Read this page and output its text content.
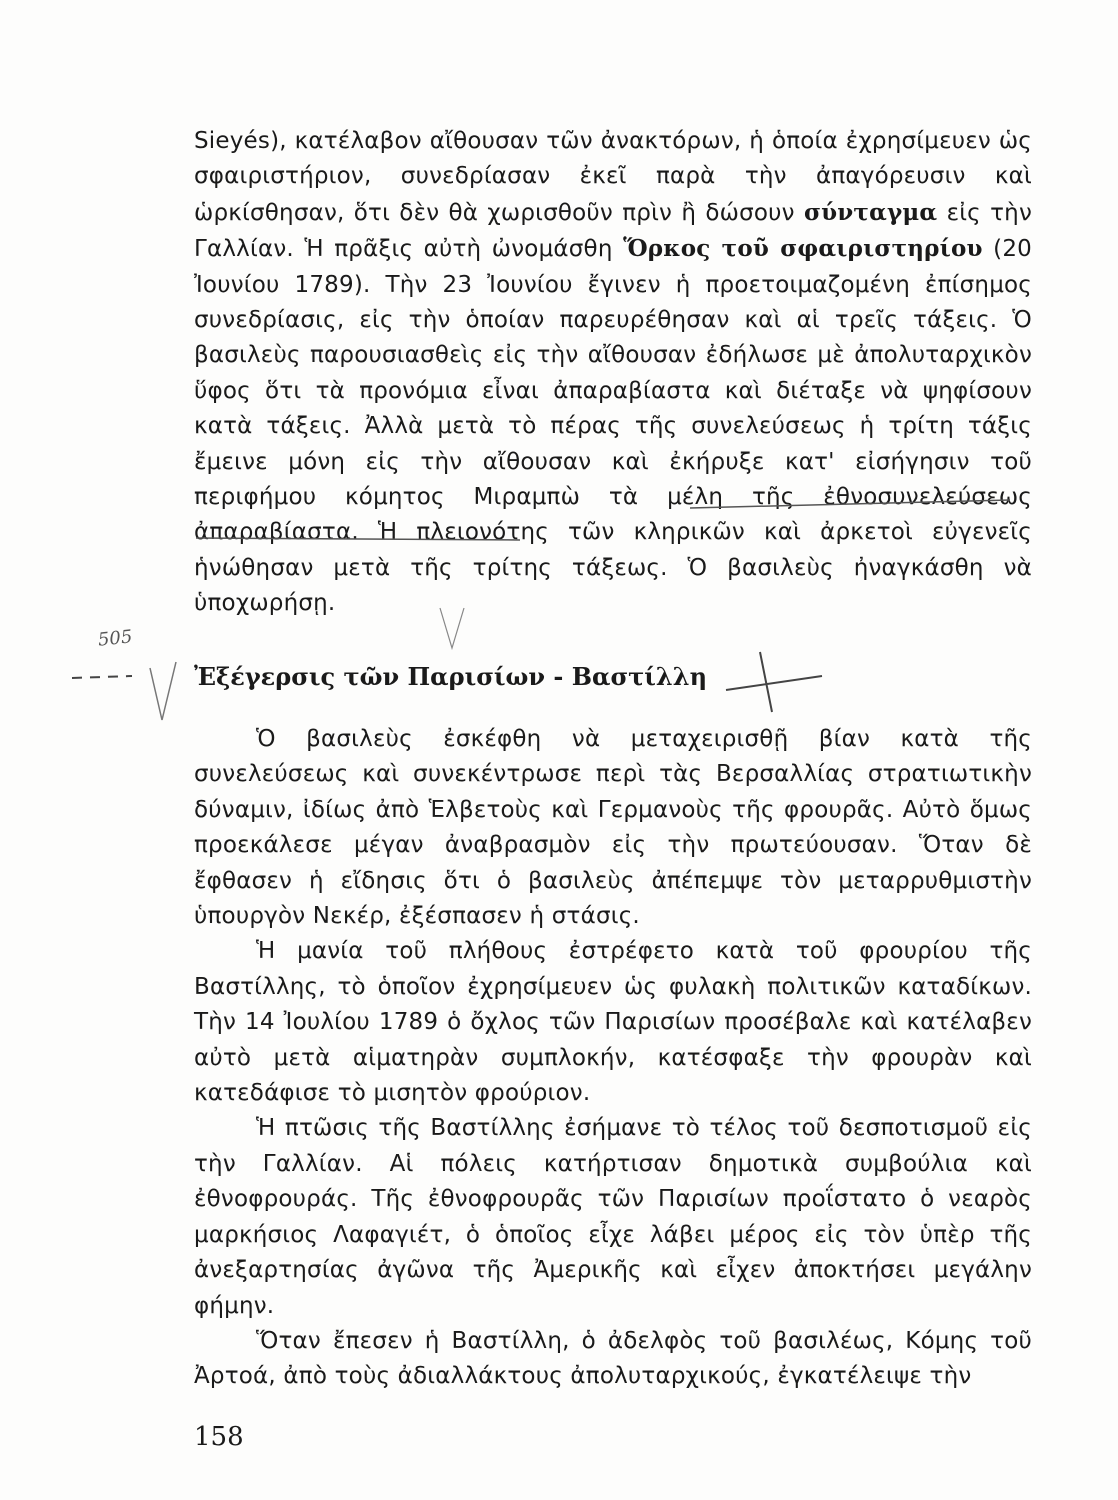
Sieyés), κατέλαβον αἴθουσαν τῶν ἀνακτόρων, ἡ ὁποία ἐχρησίμευεν ὡς σφαιριστήριον, συνεδρίασαν ἐκεῖ παρὰ τὴν ἀπαγόρευσιν καὶ ὡρκίσθησαν, ὅτι δὲν θὰ χωρισθοῦν πρὶν ἢ δώσουν σύνταγμα εἰς τὴν Γαλλίαν. Ἡ πρᾶξις αὐτὴ ὠνομάσθη Ὅρκος τοῦ σφαιριστηρίου (20 Ἰουνίου 1789). Τὴν 23 Ἰουνίου ἔγινεν ἡ προετοιμαζομένη ἐπίσημος συνεδρίασις, εἰς τὴν ὁποίαν παρευρέθησαν καὶ αἱ τρεῖς τάξεις. Ὁ βασιλεὺς παρουσιασθεὶς εἰς τὴν αἴθουσαν ἐδήλωσε μὲ ἀπολυταρχικὸν ὕφος ὅτι τὰ προνόμια εἶναι ἀπαραβίαστα καὶ διέταξε νὰ ψηφίσουν κατὰ τάξεις. Ἀλλὰ μετὰ τὸ πέρας τῆς συνελεύσεως ἡ τρίτη τάξις ἔμεινε μόνη εἰς τὴν αἴθουσαν καὶ ἐκήρυξε κατ' εἰσήγησιν τοῦ περιφήμου κόμητος Μιραμπὼ τὰ μέλη τῆς ἐθνοσυνελεύσεως ἀπαραβίαστα. Ἡ πλειονότης τῶν κληρικῶν καὶ ἀρκετοὶ εὐγενεῖς ἡνώθησαν μετὰ τῆς τρίτης τάξεως. Ὁ βασιλεὺς ἠναγκάσθη νὰ ὑποχωρήσῃ.
505
Ἐξέγερσις τῶν Παρισίων - Βαστίλλη

Ὁ βασιλεὺς ἐσκέφθη νὰ μεταχειρισθῇ βίαν κατὰ τῆς συνελεύσεως καὶ συνεκέντρωσε περὶ τὰς Βερσαλλίας στρατιωτικὴν δύναμιν, ἰδίως ἀπὸ Ἑλβετοὺς καὶ Γερμανοὺς τῆς φρουρᾶς. Αὐτὸ ὅμως προεκάλεσε μέγαν ἀναβρασμὸν εἰς τὴν πρωτεύουσαν. Ὅταν δὲ ἔφθασεν ἡ εἴδησις ὅτι ὁ βασιλεὺς ἀπέπεμψε τὸν μεταρρυθμιστὴν ὑπουργὸν Νεκέρ, ἐξέσπασεν ἡ στάσις.

Ἡ μανία τοῦ πλήθους ἐστρέφετο κατὰ τοῦ φρουρίου τῆς Βαστίλλης, τὸ ὁποῖον ἐχρησίμευεν ὡς φυλακὴ πολιτικῶν καταδίκων. Τὴν 14 Ἰουλίου 1789 ὁ ὄχλος τῶν Παρισίων προσέβαλε καὶ κατέλαβεν αὐτὸ μετὰ αἱματηρὰν συμπλοκήν, κατέσφαξε τὴν φρουρὰν καὶ κατεδάφισε τὸ μισητὸν φρούριον.

Ἡ πτῶσις τῆς Βαστίλλης ἐσήμανε τὸ τέλος τοῦ δεσποτισμοῦ εἰς τὴν Γαλλίαν. Αἱ πόλεις κατήρτισαν δημοτικὰ συμβούλια καὶ ἐθνοφρουράς. Τῆς ἐθνοφρουρᾶς τῶν Παρισίων προΐστατο ὁ νεαρὸς μαρκήσιος Λαφαγιέτ, ὁ ὁποῖος εἶχε λάβει μέρος εἰς τὸν ὑπὲρ τῆς ἀνεξαρτησίας ἀγῶνα τῆς Ἀμερικῆς καὶ εἶχεν ἀποκτήσει μεγάλην φήμην.

Ὅταν ἔπεσεν ἡ Βαστίλλη, ὁ ἀδελφὸς τοῦ βασιλέως, Κόμης τοῦ Ἀρτοά, ἀπὸ τοὺς ἀδιαλλάκτους ἀπολυταρχικούς, ἐγκατέλειψε τὴν

158
